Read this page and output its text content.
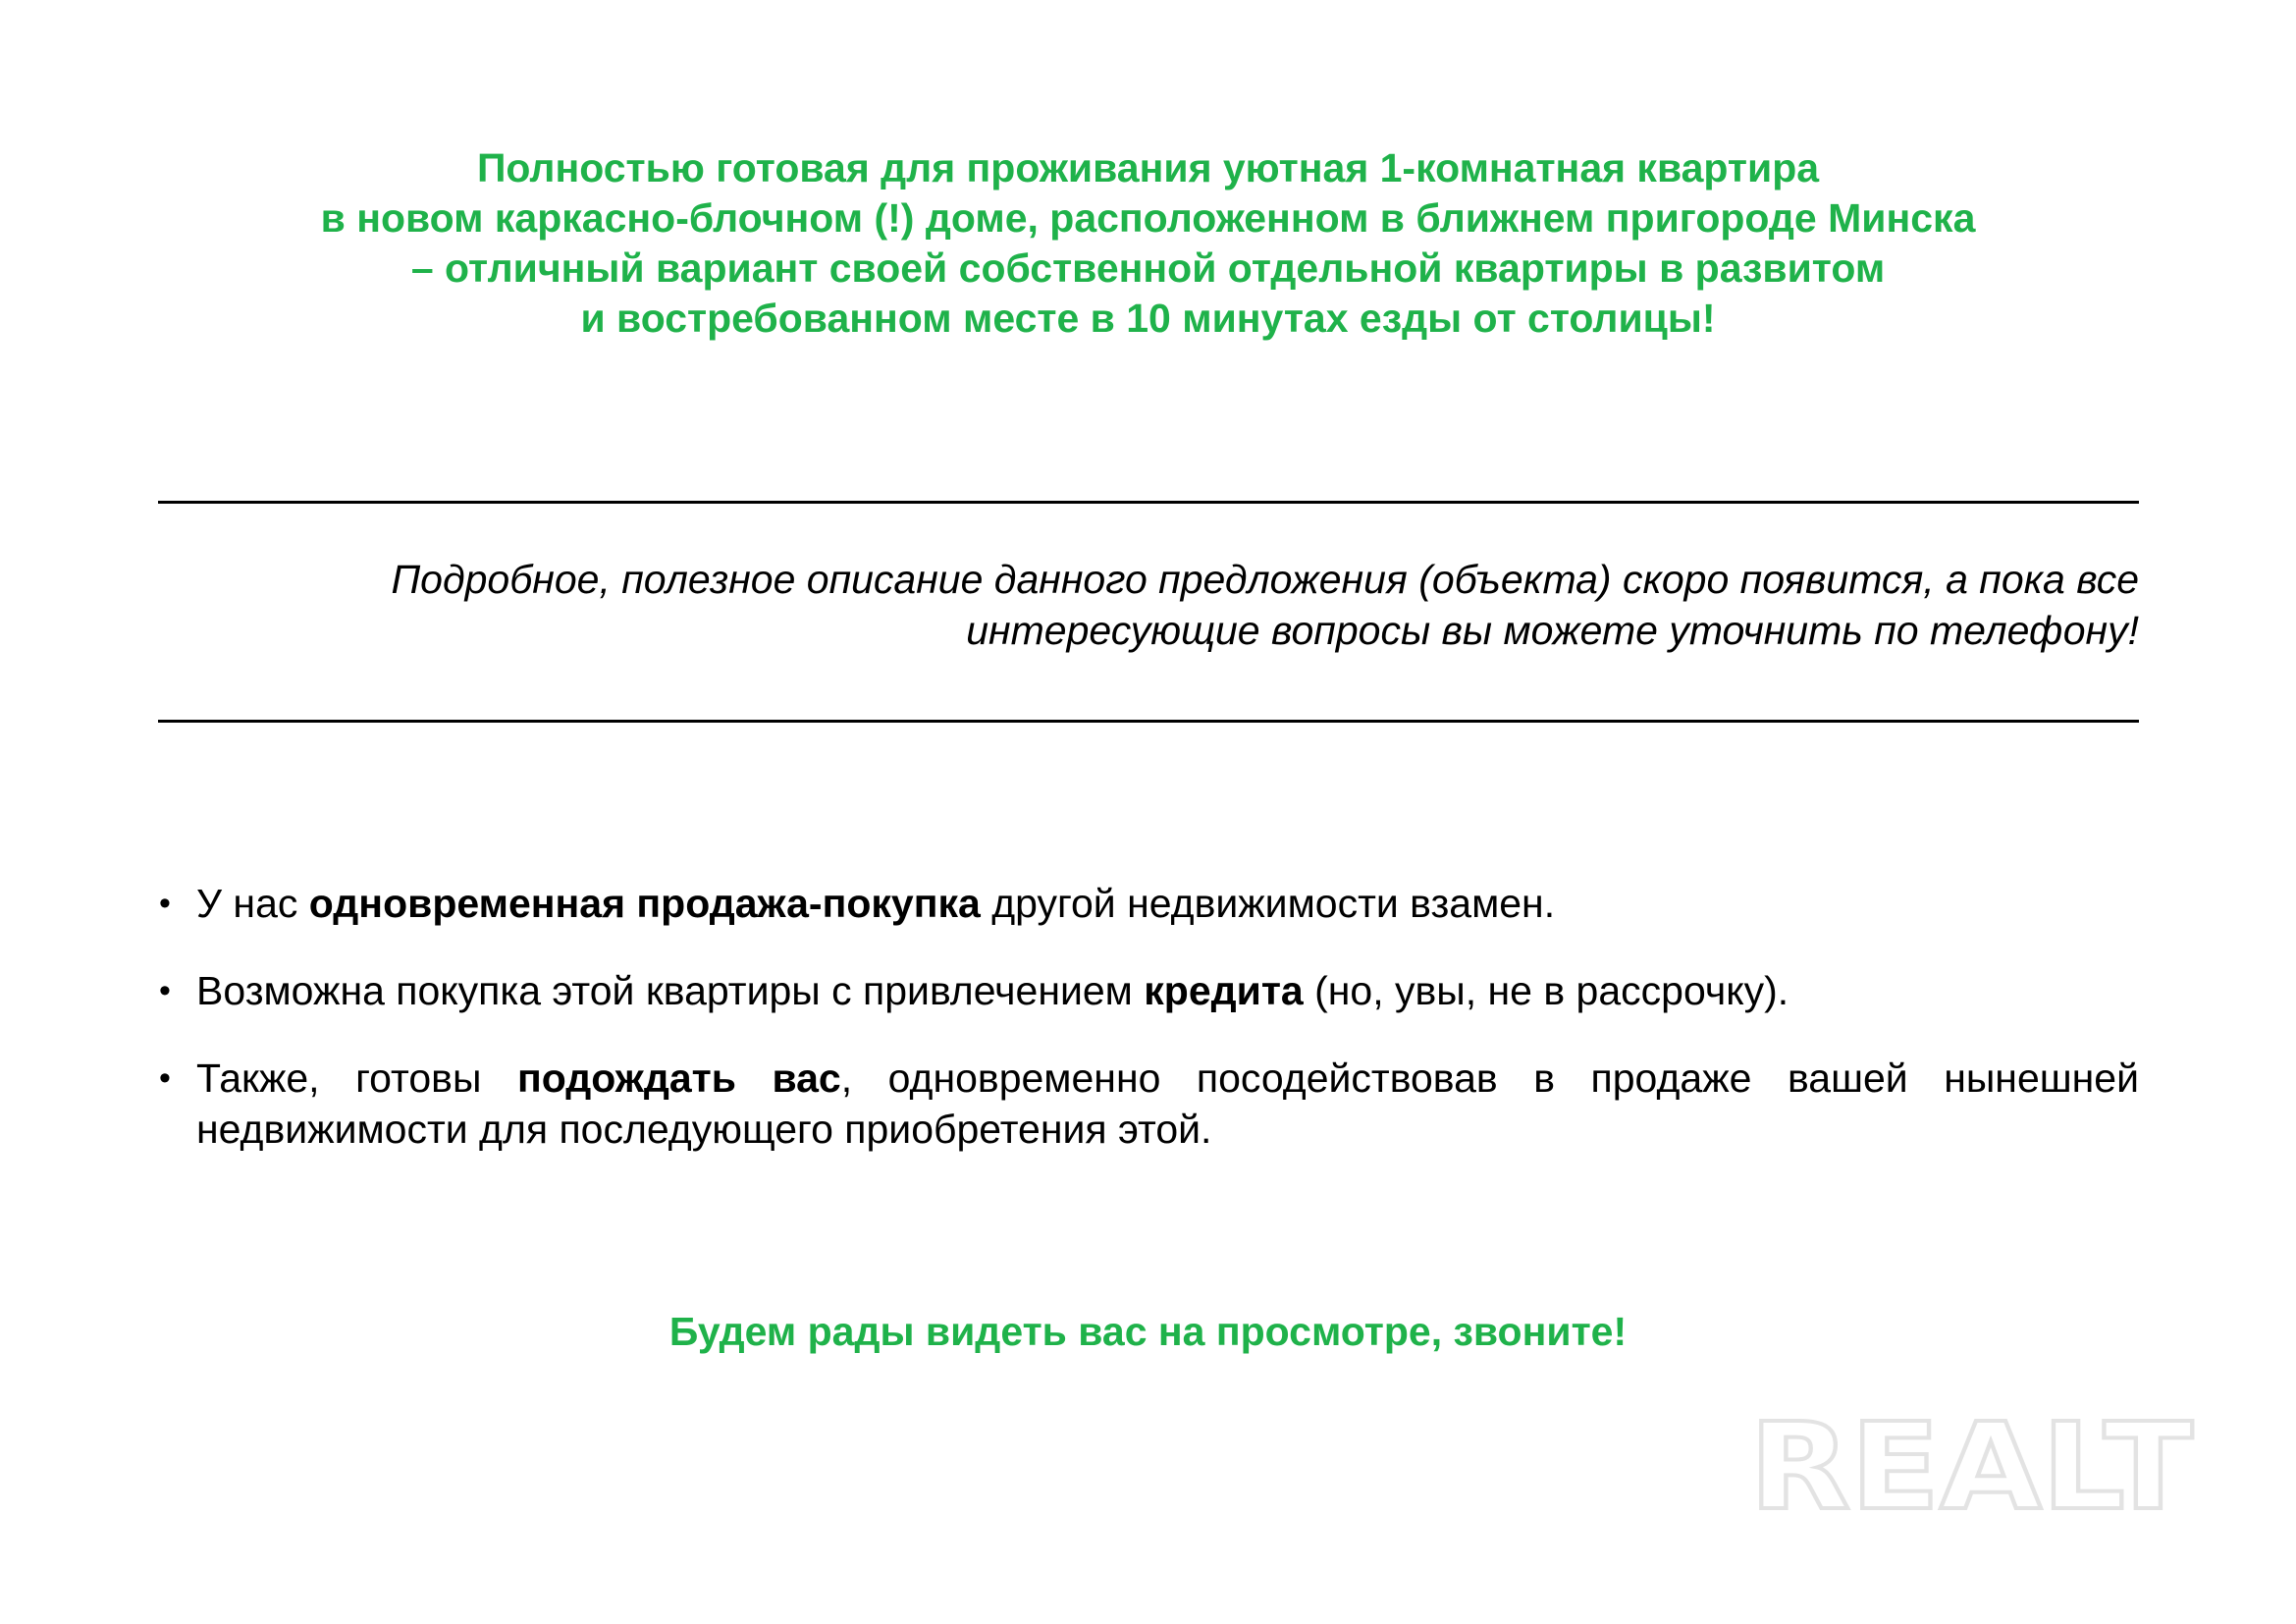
Полностью готовая для проживания уютная 1-комнатная квартира
в новом каркасно-блочном (!) доме, расположенном в ближнем пригороде Минска
– отличный вариант своей собственной отдельной квартиры в развитом
и востребованном месте в 10 минутах езды от столицы!
Подробное, полезное описание данного предложения (объекта) скоро появится, а пока все
интересующие вопросы вы можете уточнить по телефону!
• У нас одновременная продажа-покупка другой недвижимости взамен.
• Возможна покупка этой квартиры с привлечением кредита (но, увы, не в рассрочку).
• Также, готовы подождать вас, одновременно посодействовав в продаже вашей нынешней недвижимости для последующего приобретения этой.
Будем рады видеть вас на просмотре, звоните!
REALT
